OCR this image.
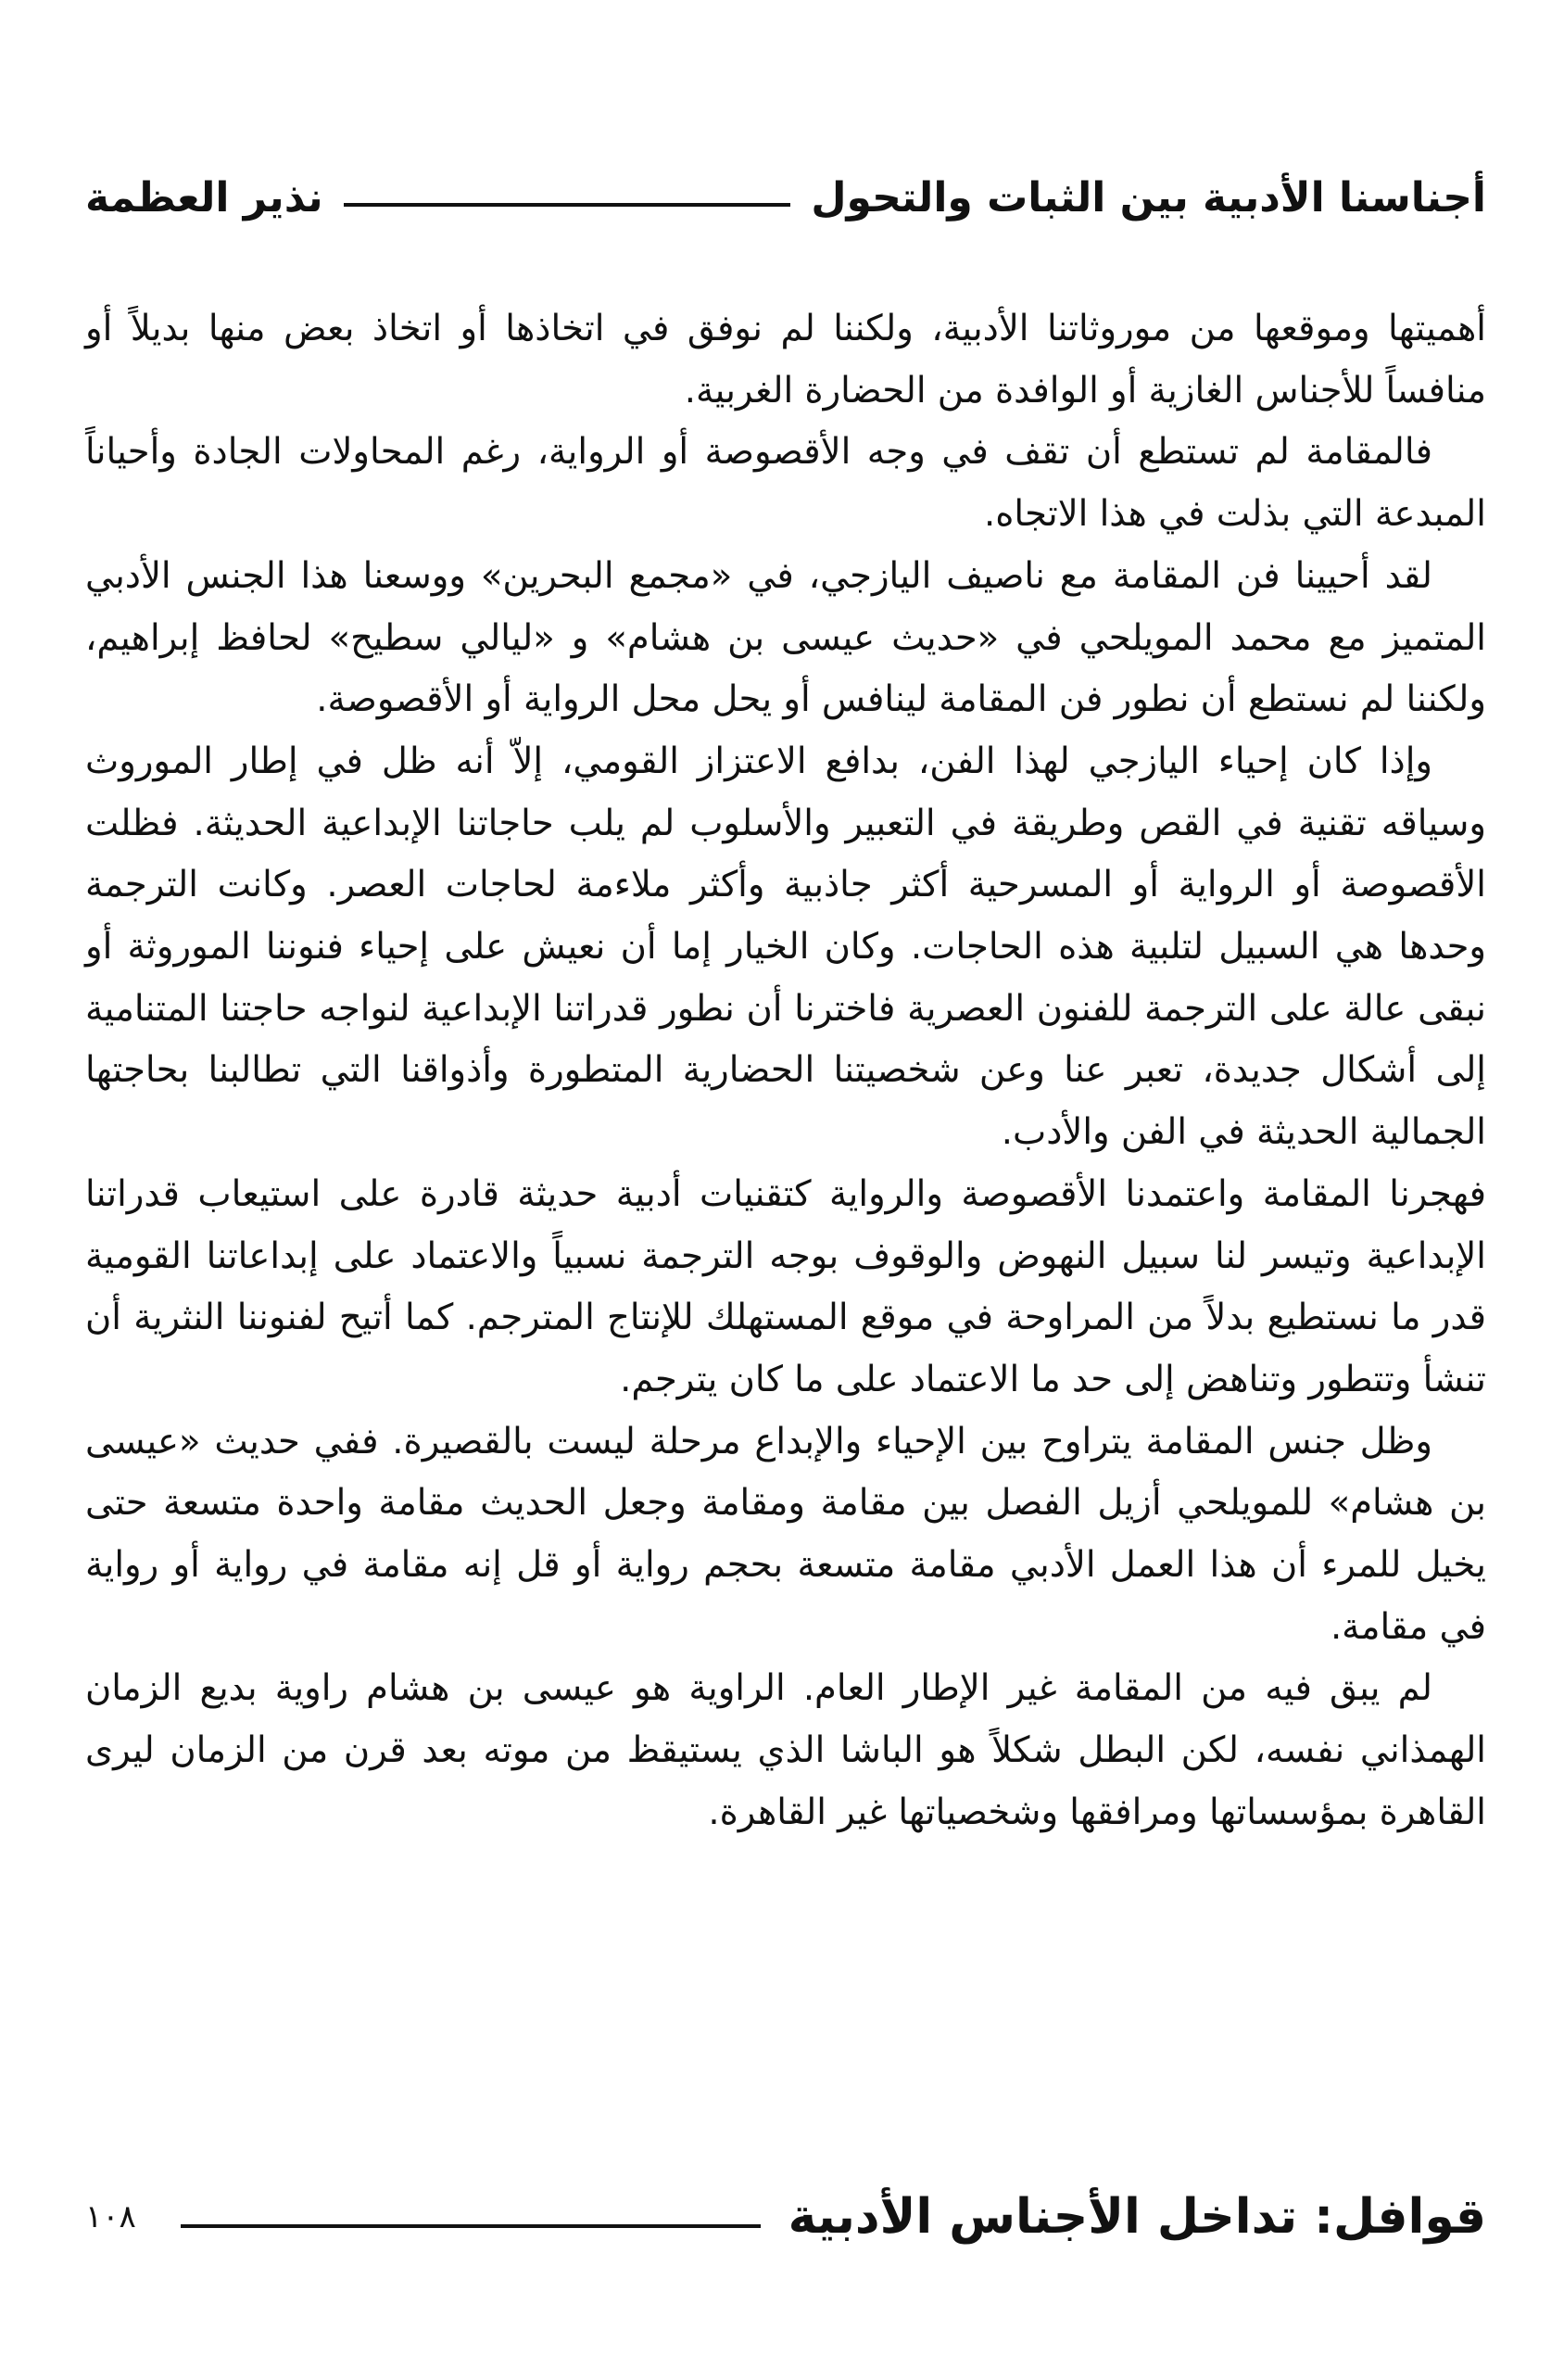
أجناسنا الأدبية بين الثبات والتحول
نذير العظمة

أهميتها وموقعها من موروثاتنا الأدبية، ولكننا لم نوفق في اتخاذها أو اتخاذ بعض منها بديلاً أو منافساً للأجناس الغازية أو الوافدة من الحضارة الغربية.

فالمقامة لم تستطع أن تقف في وجه الأقصوصة أو الرواية، رغم المحاولات الجادة وأحياناً المبدعة التي بذلت في هذا الاتجاه.

لقد أحيينا فن المقامة مع ناصيف اليازجي، في «مجمع البحرين» ووسعنا هذا الجنس الأدبي المتميز مع محمد المويلحي في «حديث عيسى بن هشام» و «ليالي سطيح» لحافظ إبراهيم، ولكننا لم نستطع أن نطور فن المقامة لينافس أو يحل محل الرواية أو الأقصوصة.

وإذا كان إحياء اليازجي لهذا الفن، بدافع الاعتزاز القومي، إلاّ أنه ظل في إطار الموروث وسياقه تقنية في القص وطريقة في التعبير والأسلوب لم يلب حاجاتنا الإبداعية الحديثة. فظلت الأقصوصة أو الرواية أو المسرحية أكثر جاذبية وأكثر ملاءمة لحاجات العصر. وكانت الترجمة وحدها هي السبيل لتلبية هذه الحاجات. وكان الخيار إما أن نعيش على إحياء فنوننا الموروثة أو نبقى عالة على الترجمة للفنون العصرية فاخترنا أن نطور قدراتنا الإبداعية لنواجه حاجتنا المتنامية إلى أشكال جديدة، تعبر عنا وعن شخصيتنا الحضارية المتطورة وأذواقنا التي تطالبنا بحاجتها الجمالية الحديثة في الفن والأدب.

فهجرنا المقامة واعتمدنا الأقصوصة والرواية كتقنيات أدبية حديثة قادرة على استيعاب قدراتنا الإبداعية وتيسر لنا سبيل النهوض والوقوف بوجه الترجمة نسبياً والاعتماد على إبداعاتنا القومية قدر ما نستطيع بدلاً من المراوحة في موقع المستهلك للإنتاج المترجم. كما أتيح لفنوننا النثرية أن تنشأ وتتطور وتناهض إلى حد ما الاعتماد على ما كان يترجم.

وظل جنس المقامة يتراوح بين الإحياء والإبداع مرحلة ليست بالقصيرة. ففي حديث «عيسى بن هشام» للمويلحي أزيل الفصل بين مقامة ومقامة وجعل الحديث مقامة واحدة متسعة حتى يخيل للمرء أن هذا العمل الأدبي مقامة متسعة بحجم رواية أو قل إنه مقامة في رواية أو رواية في مقامة.

لم يبق فيه من المقامة غير الإطار العام. الراوية هو عيسى بن هشام راوية بديع الزمان الهمذاني نفسه، لكن البطل شكلاً هو الباشا الذي يستيقظ من موته بعد قرن من الزمان ليرى القاهرة بمؤسساتها ومرافقها وشخصياتها غير القاهرة.

قوافل: تداخل الأجناس الأدبية
١٠٨
